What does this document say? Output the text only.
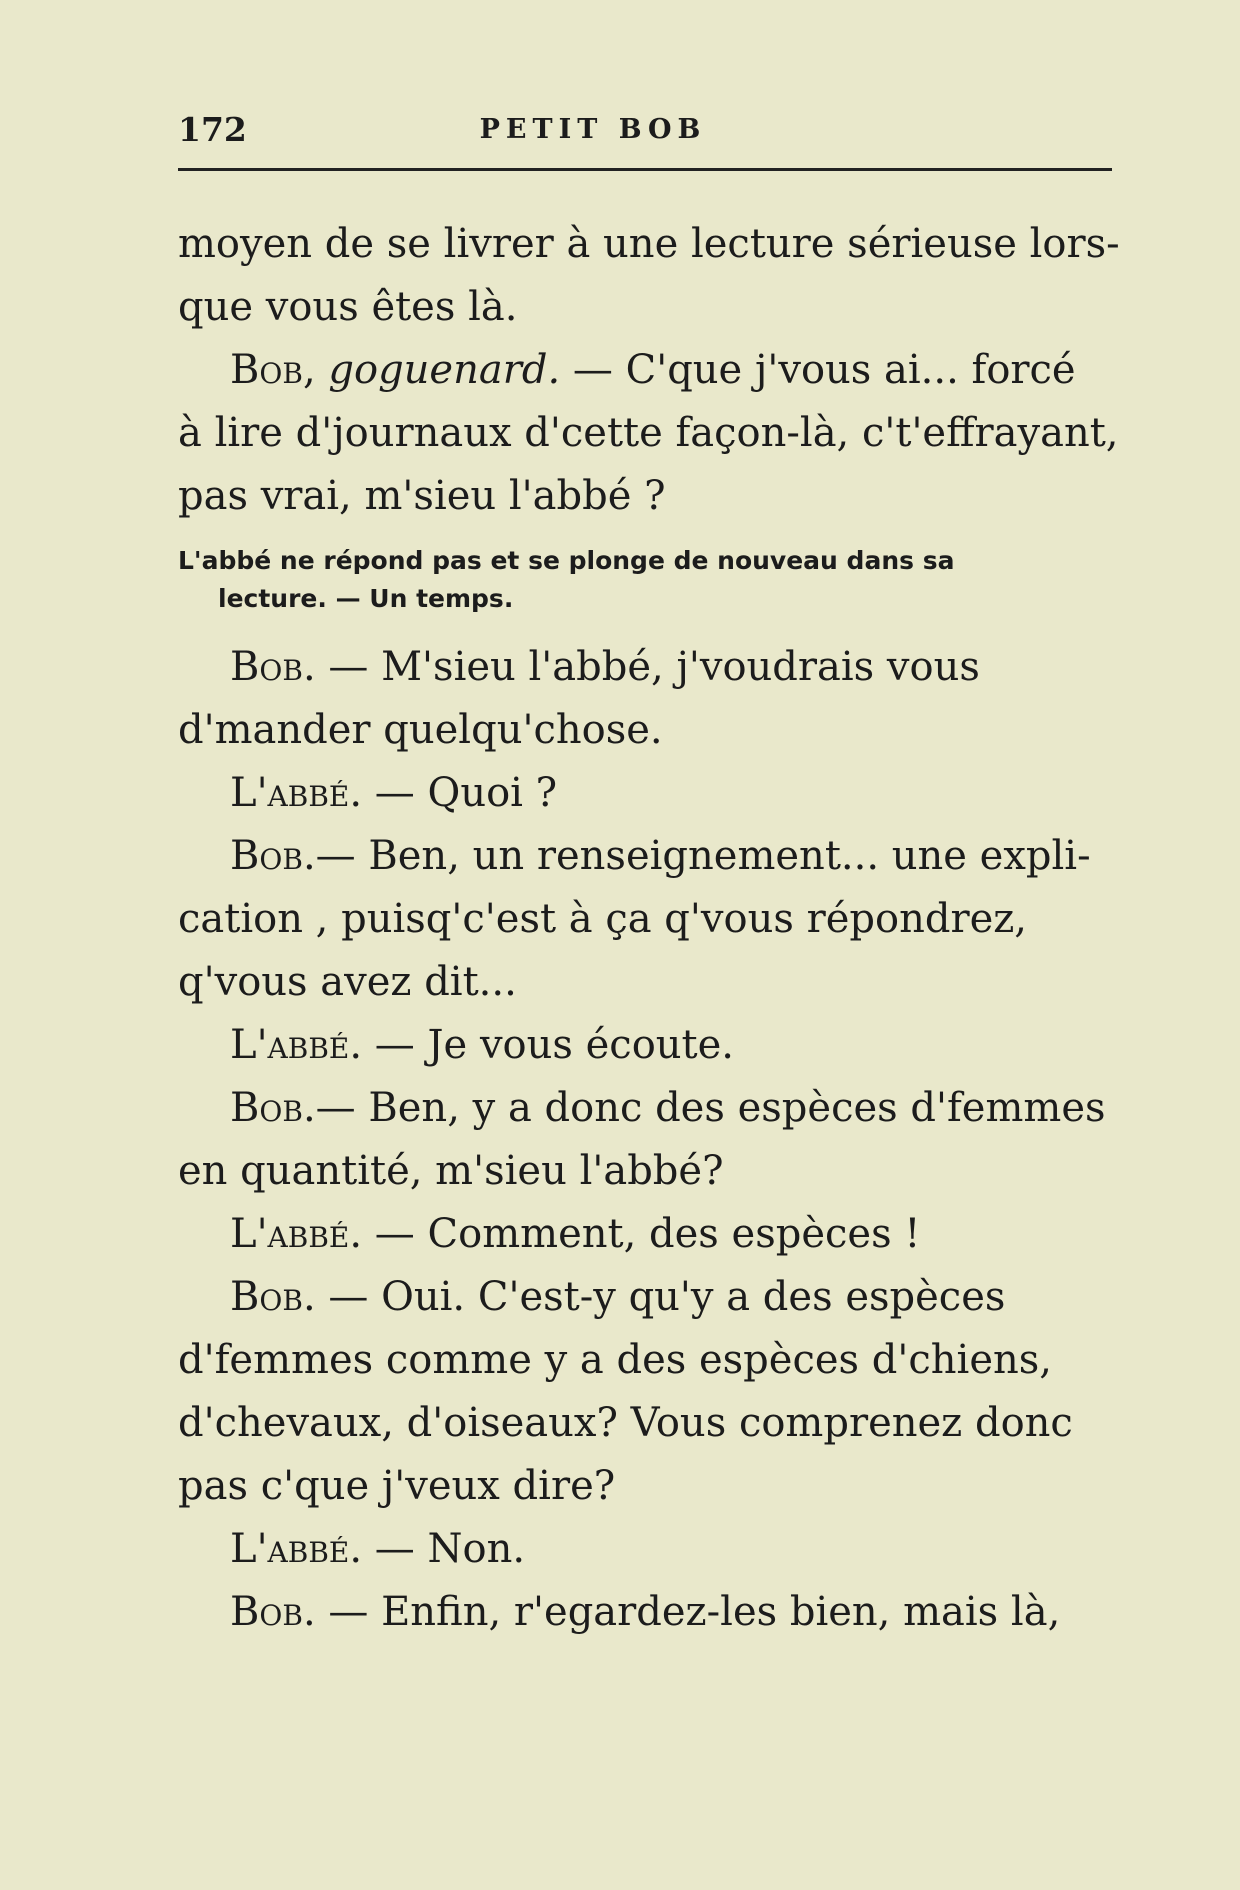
172	PETIT BOB
moyen de se livrer à une lecture sérieuse lors-
que vous êtes là.
Bob, goguenard. — C'que j'vous ai... forcé
à lire d'journaux d'cette façon-là, c't'effrayant,
pas vrai, m'sieu l'abbé ?
L'abbé ne répond pas et se plonge de nouveau dans sa
lecture. — Un temps.
Bob. — M'sieu l'abbé, j'voudrais vous
d'mander quelqu'chose.
L'abbé. — Quoi ?
Bob.— Ben, un renseignement... une expli-
cation , puisq'c'est à ça q'vous répondrez,
q'vous avez dit...
L'abbé. — Je vous écoute.
Bob.— Ben, y a donc des espèces d'femmes
en quantité, m'sieu l'abbé?
L'abbé. — Comment, des espèces !
Bob. — Oui. C'est-y qu'y a des espèces
d'femmes comme y a des espèces d'chiens,
d'chevaux, d'oiseaux? Vous comprenez donc
pas c'que j'veux dire?
L'abbé. — Non.
Bob. — Enfin, r'egardez-les bien, mais là,
